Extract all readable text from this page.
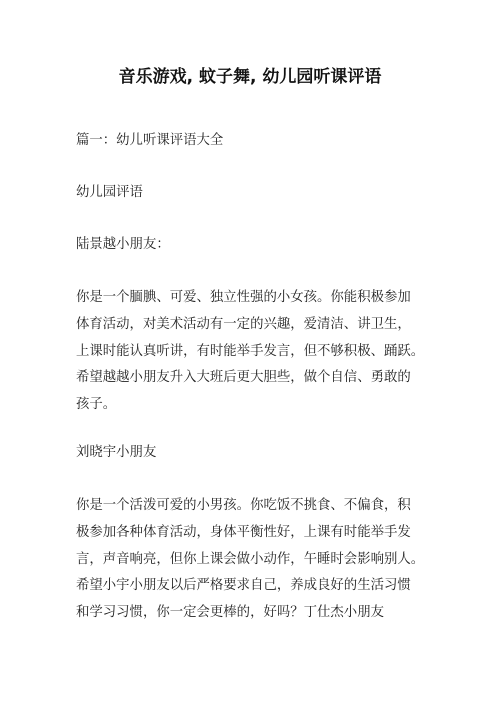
音乐游戏, 蚊子舞, 幼儿园听课评语

篇一：幼儿听课评语大全

幼儿园评语

陆景越小朋友：

你是一个腼腆、可爱、独立性强的小女孩。你能积极参加
体育活动，对美术活动有一定的兴趣，爱清洁、讲卫生，
上课时能认真听讲，有时能举手发言，但不够积极、踊跃。
希望越越小朋友升入大班后更大胆些，做个自信、勇敢的
孩子。

刘晓宇小朋友

你是一个活泼可爱的小男孩。你吃饭不挑食、不偏食，积
极参加各种体育活动，身体平衡性好，上课有时能举手发
言，声音响亮，但你上课会做小动作，午睡时会影响别人。
希望小宇小朋友以后严格要求自己，养成良好的生活习惯
和学习习惯，你一定会更棒的，好吗？丁仕杰小朋友
